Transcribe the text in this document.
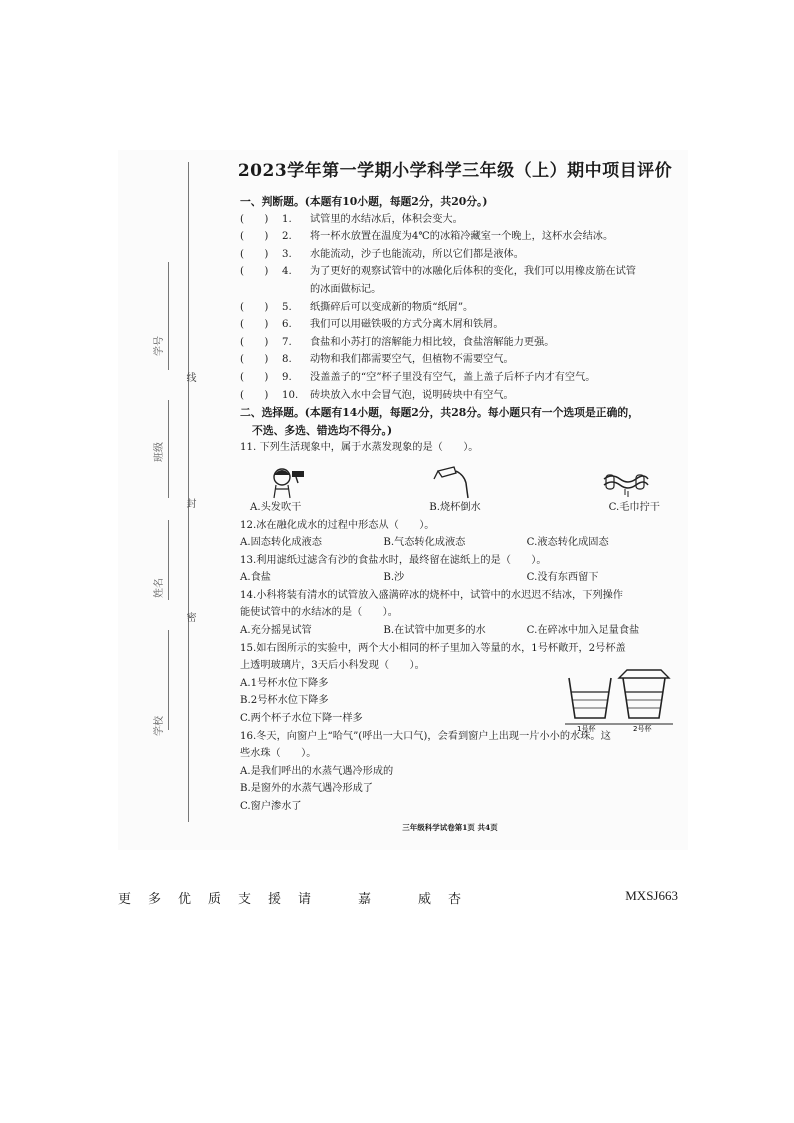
线
封
密
学号
班级
姓名
学校
2023学年第一学期小学科学三年级（上）期中项目评价
一、判断题。(本题有10小题，每题2分，共20分。)
(　　)	1.	试管里的水结冰后，体积会变大。
(　　)	2.	将一杯水放置在温度为4℃的冰箱冷藏室一个晚上，这杯水会结冰。
(　　)	3.	水能流动，沙子也能流动，所以它们都是液体。
(　　)	4.	为了更好的观察试管中的冰融化后体积的变化，我们可以用橡皮筋在试管
的冰面做标记。
(　　)	5.	纸撕碎后可以变成新的物质“纸屑”。
(　　)	6.	我们可以用磁铁吸的方式分离木屑和铁屑。
(　　)	7.	食盐和小苏打的溶解能力相比较，食盐溶解能力更强。
(　　)	8.	动物和我们都需要空气，但植物不需要空气。
(　　)	9.	没盖盖子的“空”杯子里没有空气，盖上盖子后杯子内才有空气。
(　　)	10.	砖块放入水中会冒气泡，说明砖块中有空气。
二、选择题。(本题有14小题，每题2分，共28分。每小题只有一个选项是正确的，
不选、多选、错选均不得分。)
11. 下列生活现象中，属于水蒸发现象的是（　　）。
A.头发吹干	B.烧杯倒水	C.毛巾拧干
12.冰在融化成水的过程中形态从（　　）。
A.固态转化成液态	B.气态转化成液态	C.液态转化成固态
13.利用滤纸过滤含有沙的食盐水时，最终留在滤纸上的是（　　）。
A.食盐	B.沙	C.没有东西留下
14.小科将装有清水的试管放入盛满碎冰的烧杯中，试管中的水迟迟不结冰，下列操作
能使试管中的水结冰的是（　　）。
A.充分摇晃试管	B.在试管中加更多的水	C.在碎冰中加入足量食盐
15.如右图所示的实验中，两个大小相同的杯子里加入等量的水，1号杯敞开，2号杯盖
上透明玻璃片，3天后小科发现（　　）。
A.1号杯水位下降多
B.2号杯水位下降多
C.两个杯子水位下降一样多
16.冬天，向窗户上“哈气”(呼出一大口气)，会看到窗户上出现一片小小的水珠。这
些水珠（　　）。
A.是我们呼出的水蒸气遇冷形成的
B.是窗外的水蒸气遇冷形成了
C.窗户渗水了
1号杯	2号杯
三年级科学试卷第1页 共4页
更多优质支援请　嘉　威杏	MXSJ663
